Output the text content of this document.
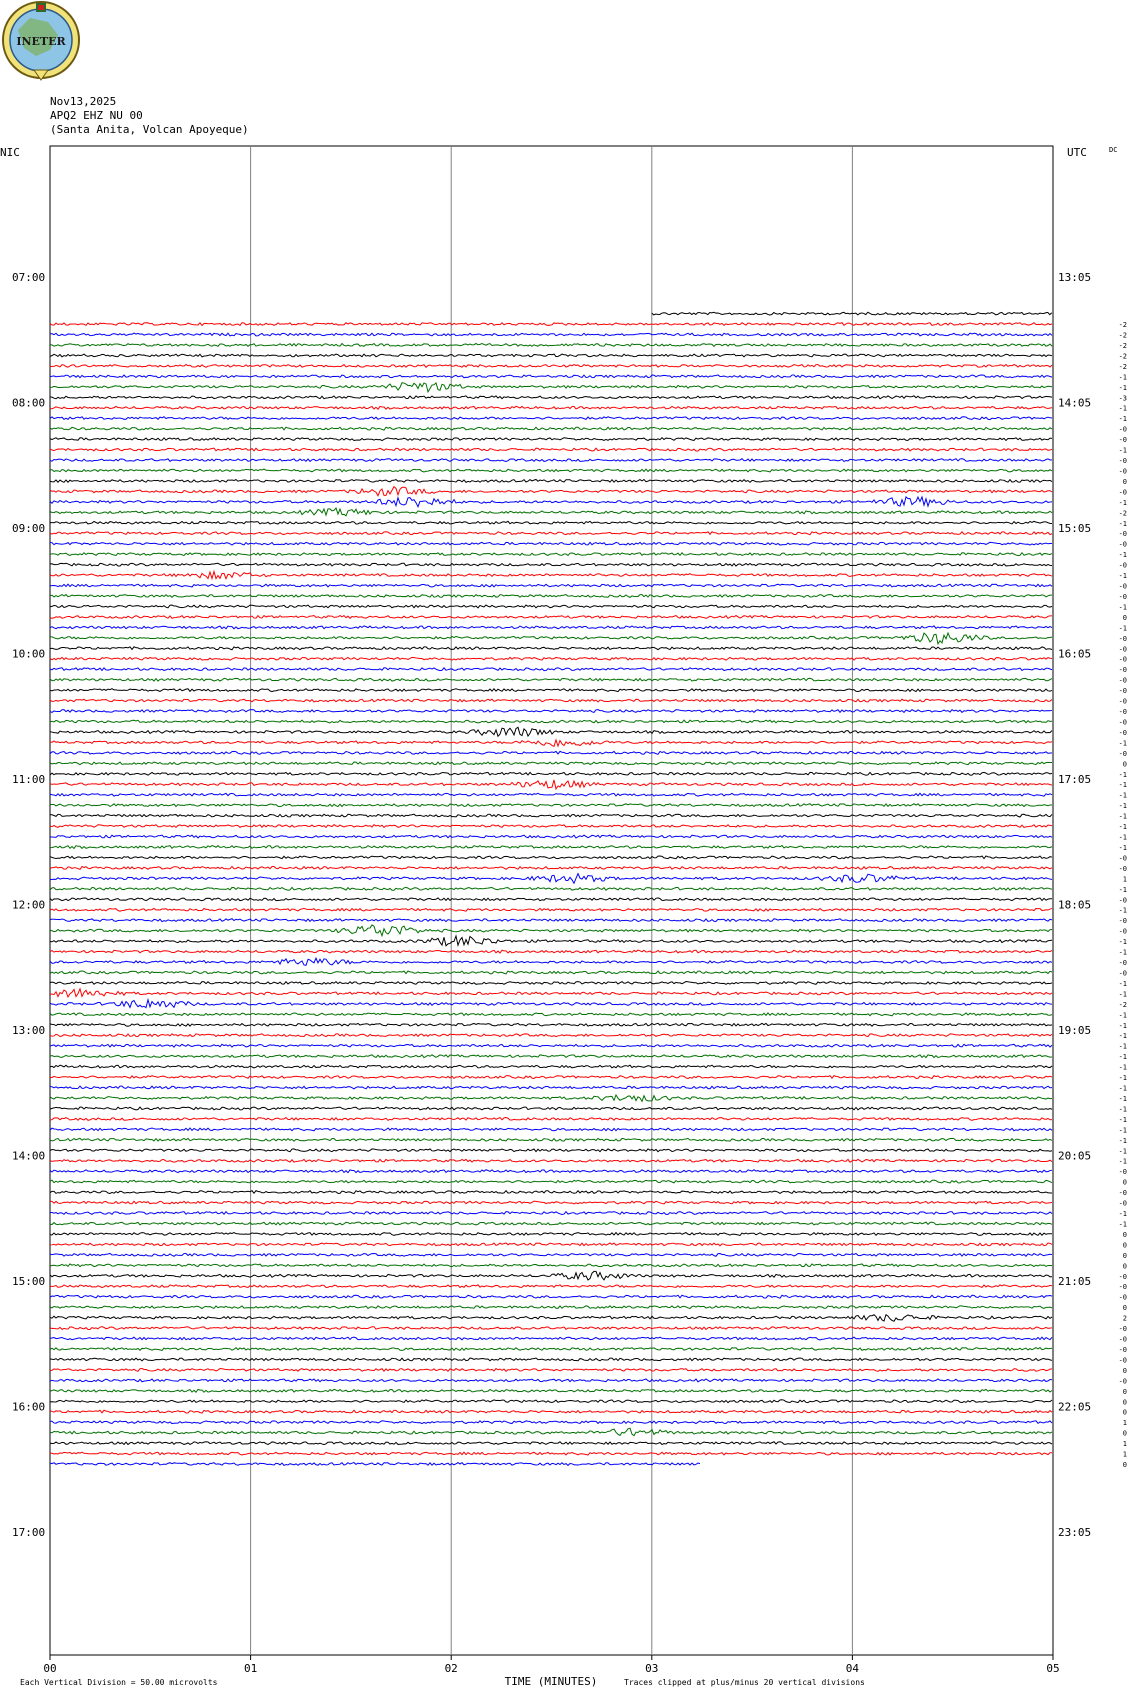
INETER
Nov13,2025
APQ2 EHZ NU 00
(Santa Anita, Volcan Apoyeque)
00	01	02	03	04	05
NIC	UTC	DC
TIME (MINUTES)
Each Vertical Division = 50.00 microvolts	Traces clipped at plus/minus 20 vertical divisions
07:00
08:00
09:00
10:00
11:00
12:00
13:00
14:00
15:00
16:00
17:00
13:05
14:05
15:05
16:05
17:05
18:05
19:05
20:05
21:05
22:05
23:05
-2
-2
-2
-2
-2
-1
-1
-3
-1
-1
-0
-0
-1
-0
-0
0
-0
-1
-2
-1
-0
-0
-1
-0
-1
-0
-0
-1
0
-1
-0
-0
-0
-0
-0
-0
-0
-0
-0
-0
-1
-0
0
-1
-1
-1
-1
-1
-1
-1
-1
-0
-0
1
-1
-0
-1
-0
-0
-1
-1
-0
-0
-1
-1
-2
-1
-1
-1
-1
-1
-1
-1
-1
-1
-1
-1
-1
-1
-1
-1
-0
0
-0
-0
-1
-1
0
0
0
0
-0
-0
-0
0
2
-0
-0
-0
-0
0
-0
0
0
0
1
0
1
1
0
